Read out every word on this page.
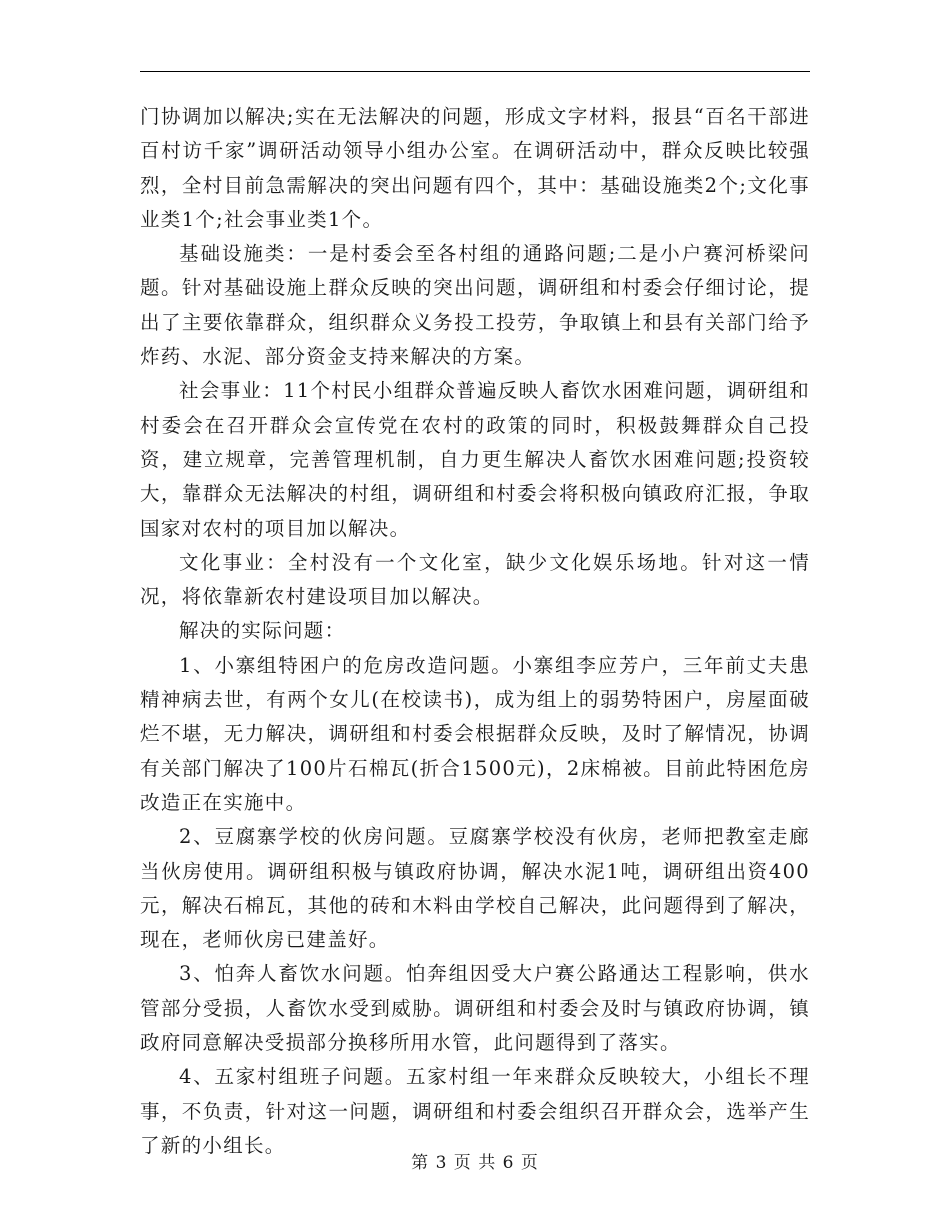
门协调加以解决;实在无法解决的问题，形成文字材料，报县“百名干部进百村访千家”调研活动领导小组办公室。在调研活动中，群众反映比较强烈，全村目前急需解决的突出问题有四个，其中：基础设施类2个;文化事业类1个;社会事业类1个。

基础设施类：一是村委会至各村组的通路问题;二是小户赛河桥梁问题。针对基础设施上群众反映的突出问题，调研组和村委会仔细讨论，提出了主要依靠群众，组织群众义务投工投劳，争取镇上和县有关部门给予炸药、水泥、部分资金支持来解决的方案。

社会事业：11个村民小组群众普遍反映人畜饮水困难问题，调研组和村委会在召开群众会宣传党在农村的政策的同时，积极鼓舞群众自己投资，建立规章，完善管理机制，自力更生解决人畜饮水困难问题;投资较大，靠群众无法解决的村组，调研组和村委会将积极向镇政府汇报，争取国家对农村的项目加以解决。

文化事业：全村没有一个文化室，缺少文化娱乐场地。针对这一情况，将依靠新农村建设项目加以解决。

解决的实际问题：

1、小寨组特困户的危房改造问题。小寨组李应芳户，三年前丈夫患精神病去世，有两个女儿(在校读书)，成为组上的弱势特困户，房屋面破烂不堪，无力解决，调研组和村委会根据群众反映，及时了解情况，协调有关部门解决了100片石棉瓦(折合1500元)，2床棉被。目前此特困危房改造正在实施中。

2、豆腐寨学校的伙房问题。豆腐寨学校没有伙房，老师把教室走廊当伙房使用。调研组积极与镇政府协调，解决水泥1吨，调研组出资400元，解决石棉瓦，其他的砖和木料由学校自己解决，此问题得到了解决，现在，老师伙房已建盖好。

3、怕奔人畜饮水问题。怕奔组因受大户赛公路通达工程影响，供水管部分受损，人畜饮水受到威胁。调研组和村委会及时与镇政府协调，镇政府同意解决受损部分换移所用水管，此问题得到了落实。

4、五家村组班子问题。五家村组一年来群众反映较大，小组长不理事，不负责，针对这一问题，调研组和村委会组织召开群众会，选举产生了新的小组长。

第 3 页 共 6 页
